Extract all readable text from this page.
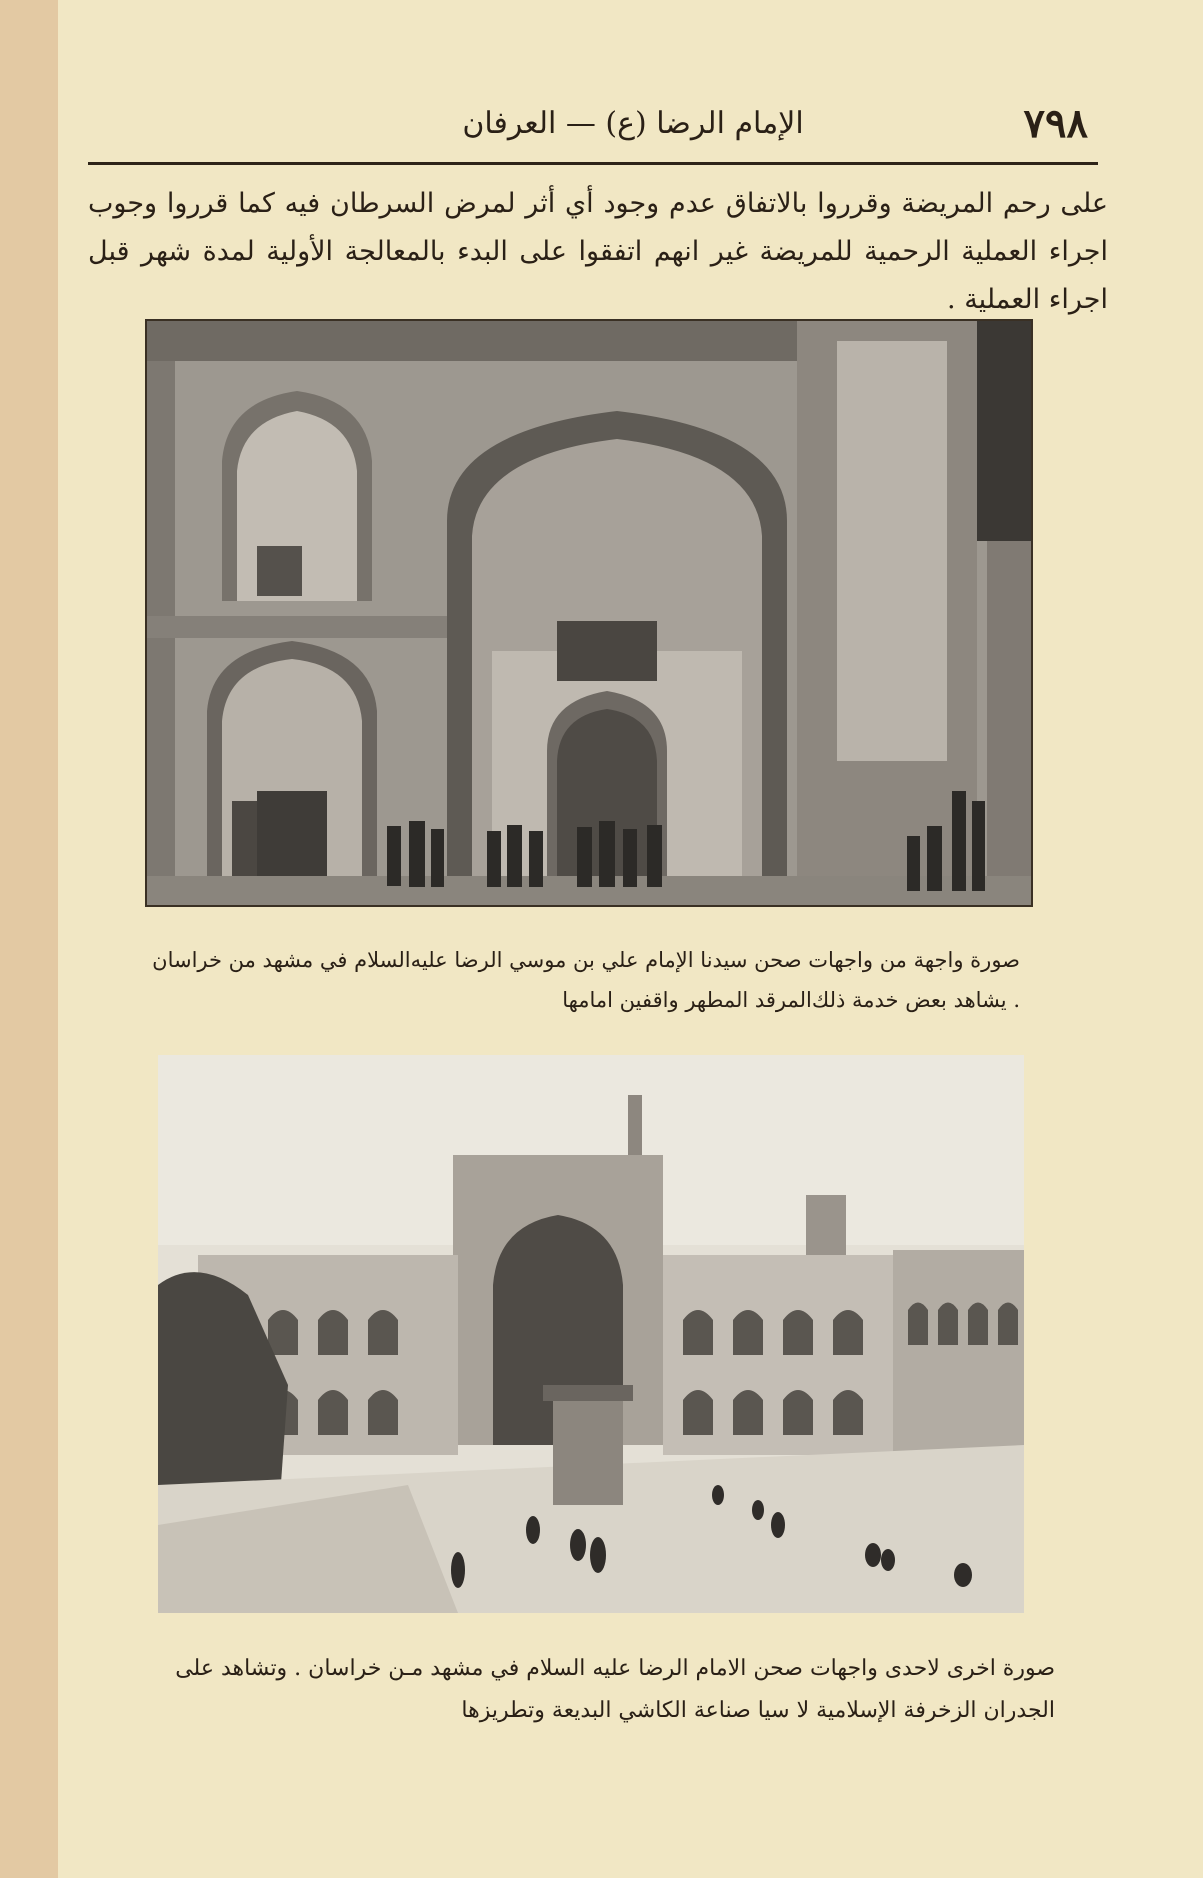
الإمام الرضا (ع) — العرفان	٧٩٨
على رحم المريضة وقرروا بالاتفاق عدم وجود أي أثر لمرض السرطان فيه كما قرروا وجوب اجراء العملية الرحمية للمريضة غير انهم اتفقوا على البدء بالمعالجة الأولية لمدة شهر قبل اجراء العملية .
صورة واجهة من واجهات صحن سيدنا الإمام علي بن موسي الرضا عليه‌السلام في مشهد من خراسان . يشاهد بعض خدمة ذلك‌المرقد المطهر واقفين امامها
صورة اخرى لاحدى واجهات صحن الامام الرضا عليه السلام في مشهد مـن خراسان . وتشاهد على الجدران الزخرفة الإسلامية لا سيا صناعة الكاشي البديعة وتطريزها
